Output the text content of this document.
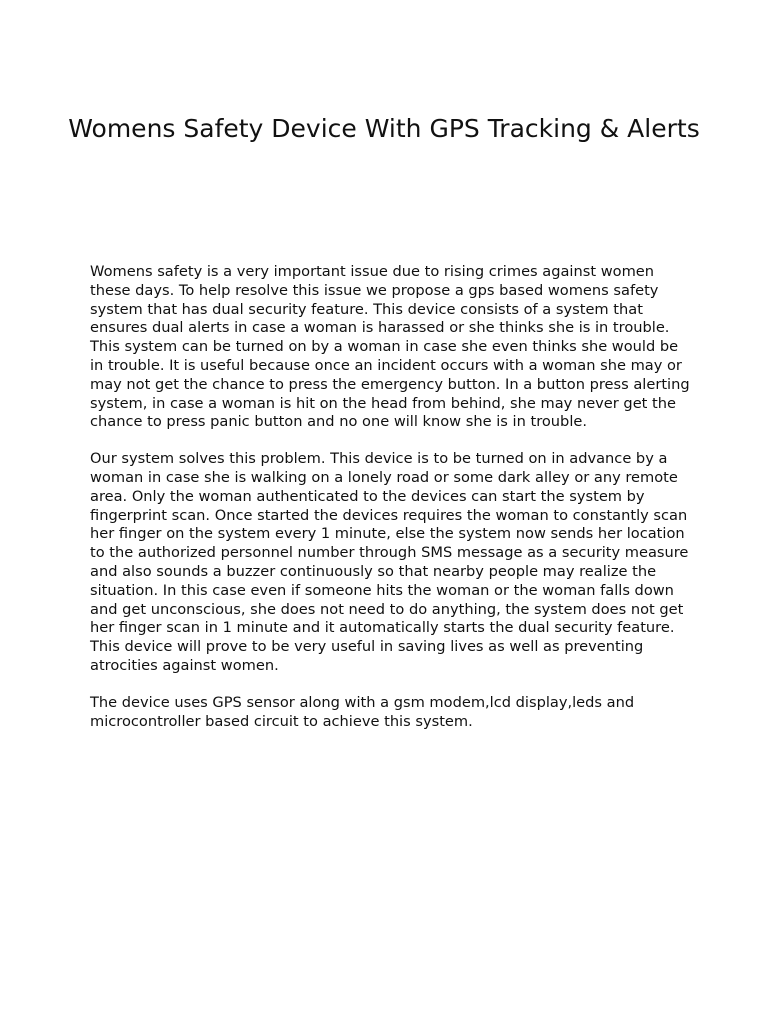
Womens Safety Device With GPS Tracking & Alerts

Womens safety is a very important issue due to rising crimes against women these days. To help resolve this issue we propose a gps based womens safety system that has dual security feature. This device consists of a system that ensures dual alerts in case a woman is harassed or she thinks she is in trouble. This system can be turned on by a woman in case she even thinks she would be in trouble. It is useful because once an incident occurs with a woman she may or may not get the chance to press the emergency button. In a button press alerting system, in case a woman is hit on the head from behind, she may never get the chance to press panic button and no one will know she is in trouble.

Our system solves this problem. This device is to be turned on in advance by a woman in case she is walking on a lonely road or some dark alley or any remote area. Only the woman authenticated to the devices can start the system by fingerprint scan. Once started the devices requires the woman to constantly scan her finger on the system every 1 minute, else the system now sends her location to the authorized personnel number through SMS message as a security measure and also sounds a buzzer continuously so that nearby people may realize the situation. In this case even if someone hits the woman or the woman falls down and get unconscious, she does not need to do anything, the system does not get her finger scan in 1 minute and it automatically starts the dual security feature. This device will prove to be very useful in saving lives as well as preventing atrocities against women.

The device uses GPS sensor along with a gsm modem,lcd display,leds and microcontroller based circuit to achieve this system.
